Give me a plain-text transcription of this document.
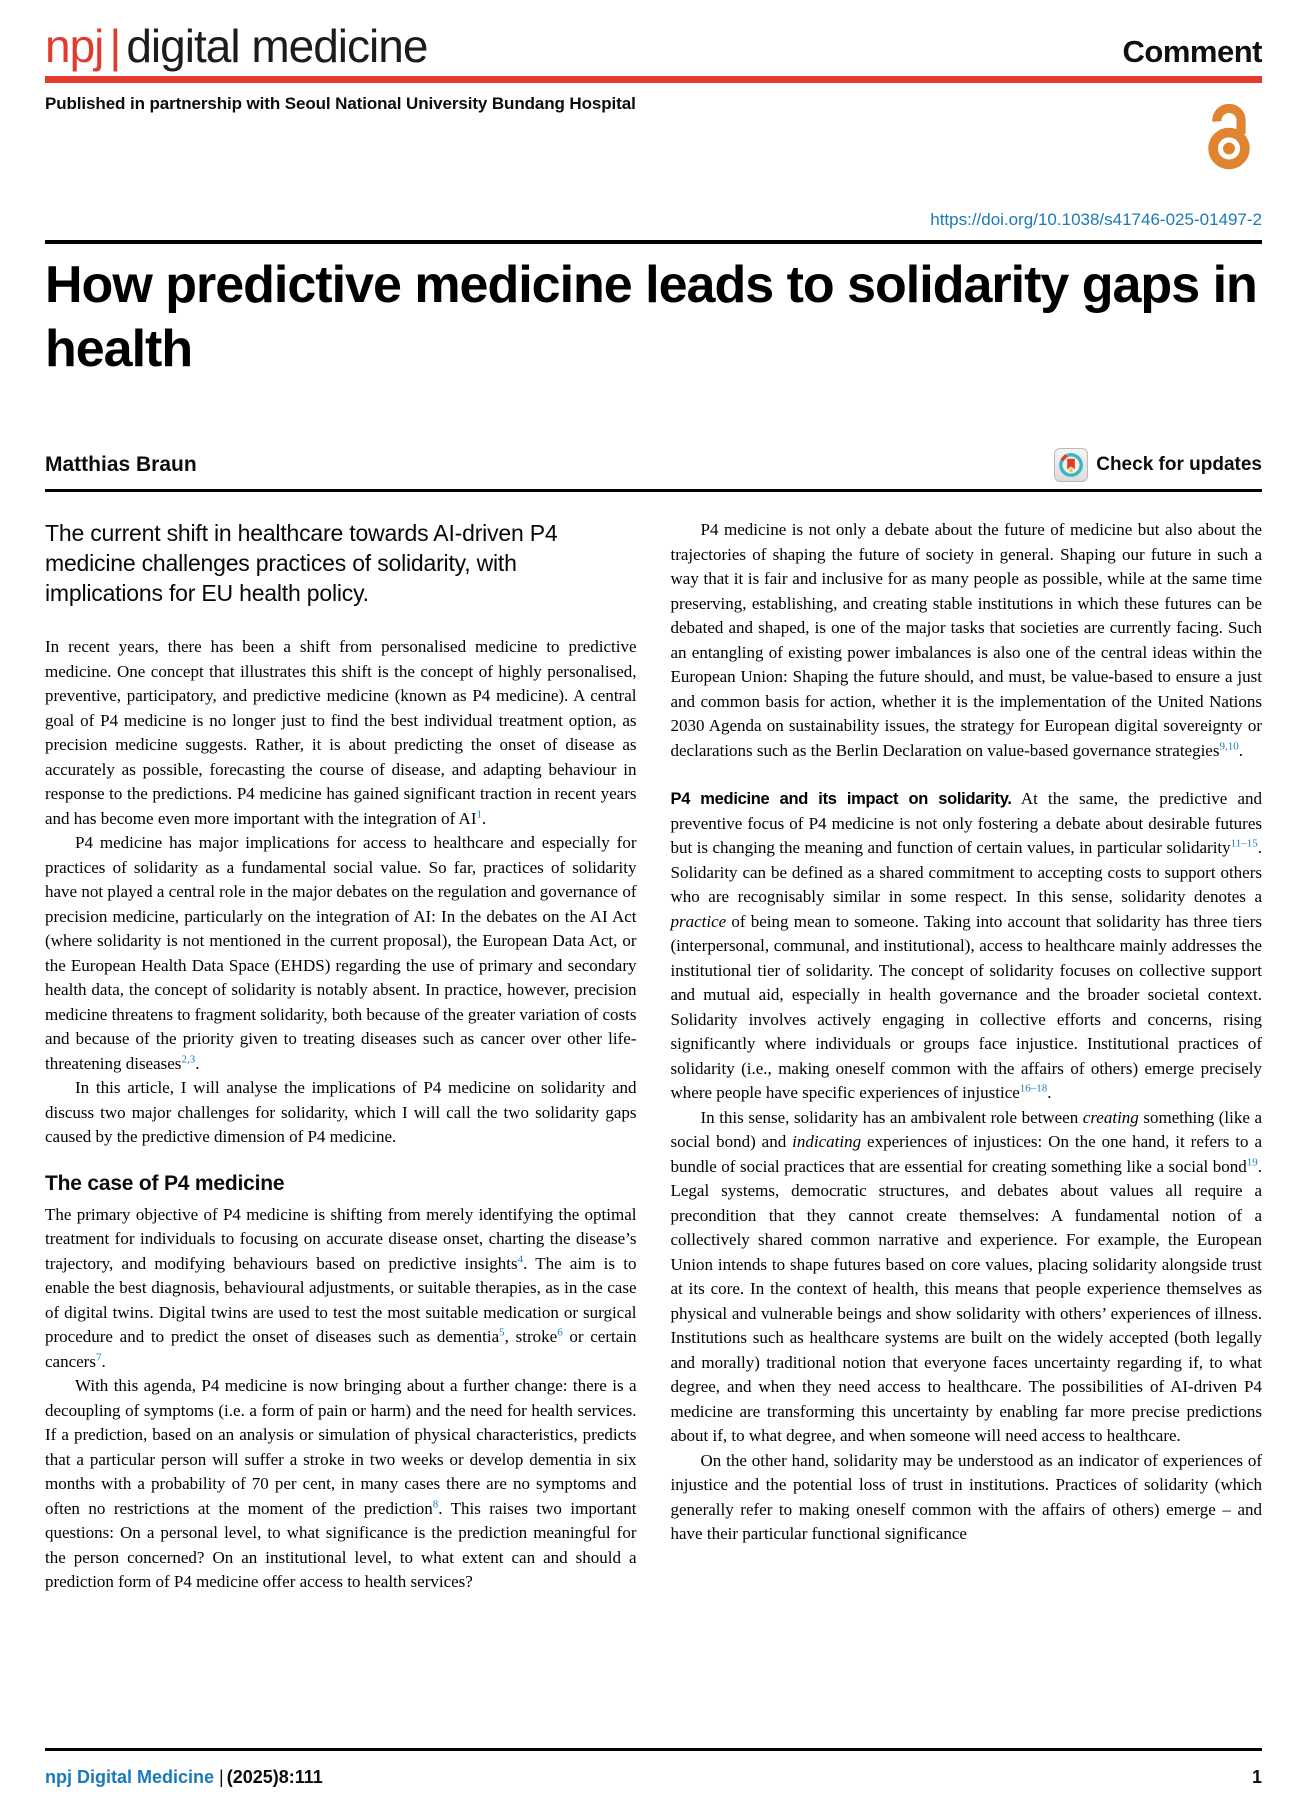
npj | digital medicine	Comment
Published in partnership with Seoul National University Bundang Hospital
https://doi.org/10.1038/s41746-025-01497-2
How predictive medicine leads to solidarity gaps in health
Matthias Braun	Check for updates

The current shift in healthcare towards AI-driven P4 medicine challenges practices of solidarity, with implications for EU health policy.

In recent years, there has been a shift from personalised medicine to predictive medicine. One concept that illustrates this shift is the concept of highly personalised, preventive, participatory, and predictive medicine (known as P4 medicine). A central goal of P4 medicine is no longer just to find the best individual treatment option, as precision medicine suggests. Rather, it is about predicting the onset of disease as accurately as possible, forecasting the course of disease, and adapting behaviour in response to the predictions. P4 medicine has gained significant traction in recent years and has become even more important with the integration of AI$^1$.

P4 medicine has major implications for access to healthcare and especially for practices of solidarity as a fundamental social value. So far, practices of solidarity have not played a central role in the major debates on the regulation and governance of precision medicine, particularly on the integration of AI: In the debates on the AI Act (where solidarity is not mentioned in the current proposal), the European Data Act, or the European Health Data Space (EHDS) regarding the use of primary and secondary health data, the concept of solidarity is notably absent. In practice, however, precision medicine threatens to fragment solidarity, both because of the greater variation of costs and because of the priority given to treating diseases such as cancer over other life-threatening diseases$^{2,3}$.

In this article, I will analyse the implications of P4 medicine on solidarity and discuss two major challenges for solidarity, which I will call the two solidarity gaps caused by the predictive dimension of P4 medicine.

The case of P4 medicine

The primary objective of P4 medicine is shifting from merely identifying the optimal treatment for individuals to focusing on accurate disease onset, charting the disease’s trajectory, and modifying behaviours based on predictive insights$^4$. The aim is to enable the best diagnosis, behavioural adjustments, or suitable therapies, as in the case of digital twins. Digital twins are used to test the most suitable medication or surgical procedure and to predict the onset of diseases such as dementia$^5$, stroke$^6$ or certain cancers$^7$.

With this agenda, P4 medicine is now bringing about a further change: there is a decoupling of symptoms (i.e. a form of pain or harm) and the need for health services. If a prediction, based on an analysis or simulation of physical characteristics, predicts that a particular person will suffer a stroke in two weeks or develop dementia in six months with a probability of 70 per cent, in many cases there are no symptoms and often no restrictions at the moment of the prediction$^8$. This raises two important questions: On a personal level, to what significance is the prediction meaningful for the person concerned? On an institutional level, to what extent can and should a prediction form of P4 medicine offer access to health services?

P4 medicine is not only a debate about the future of medicine but also about the trajectories of shaping the future of society in general. Shaping our future in such a way that it is fair and inclusive for as many people as possible, while at the same time preserving, establishing, and creating stable institutions in which these futures can be debated and shaped, is one of the major tasks that societies are currently facing. Such an entangling of existing power imbalances is also one of the central ideas within the European Union: Shaping the future should, and must, be value-based to ensure a just and common basis for action, whether it is the implementation of the United Nations 2030 Agenda on sustainability issues, the strategy for European digital sovereignty or declarations such as the Berlin Declaration on value-based governance strategies$^{9,10}$.

P4 medicine and its impact on solidarity. At the same, the predictive and preventive focus of P4 medicine is not only fostering a debate about desirable futures but is changing the meaning and function of certain values, in particular solidarity$^{11-15}$. Solidarity can be defined as a shared commitment to accepting costs to support others who are recognisably similar in some respect. In this sense, solidarity denotes a practice of being mean to someone. Taking into account that solidarity has three tiers (interpersonal, communal, and institutional), access to healthcare mainly addresses the institutional tier of solidarity. The concept of solidarity focuses on collective support and mutual aid, especially in health governance and the broader societal context. Solidarity involves actively engaging in collective efforts and concerns, rising significantly where individuals or groups face injustice. Institutional practices of solidarity (i.e., making oneself common with the affairs of others) emerge precisely where people have specific experiences of injustice$^{16-18}$.

In this sense, solidarity has an ambivalent role between creating something (like a social bond) and indicating experiences of injustices: On the one hand, it refers to a bundle of social practices that are essential for creating something like a social bond$^{19}$. Legal systems, democratic structures, and debates about values all require a precondition that they cannot create themselves: A fundamental notion of a collectively shared common narrative and experience. For example, the European Union intends to shape futures based on core values, placing solidarity alongside trust at its core. In the context of health, this means that people experience themselves as physical and vulnerable beings and show solidarity with others’ experiences of illness. Institutions such as healthcare systems are built on the widely accepted (both legally and morally) traditional notion that everyone faces uncertainty regarding if, to what degree, and when they need access to healthcare. The possibilities of AI-driven P4 medicine are transforming this uncertainty by enabling far more precise predictions about if, to what degree, and when someone will need access to healthcare.

On the other hand, solidarity may be understood as an indicator of experiences of injustice and the potential loss of trust in institutions. Practices of solidarity (which generally refer to making oneself common with the affairs of others) emerge – and have their particular functional significance

npj Digital Medicine | (2025)8:111	1
